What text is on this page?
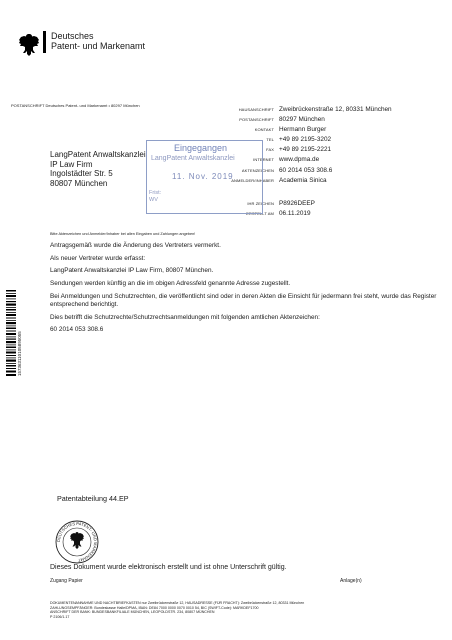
Deutsches
Patent- und Markenamt
POSTANSCHRIFT Deutsches Patent- und Markenamt • 80297 München
HAUSANSCHRIFT Zweibrückenstraße 12, 80331 München
POSTANSCHRIFT 80297 München
KONTAKT Hermann Burger
TEL +49 89 2195-3202
FAX +49 89 2195-2221
INTERNET www.dpma.de
AKTENZEICHEN 60 2014 053 308.6
ANMELDER/INHABER Academia Sinica
IHR ZEICHEN P8926DEEP
ERSTELLT AM 06.11.2019
LangPatent Anwaltskanzlei
IP Law Firm
Ingolstädter Str. 5
80807 München
Eingegangen
LangPatent Anwaltskanzlei
11. Nov. 2019
Frist:
WV
Bitte Aktenzeichen und Anmelder/Inhaber bei allen Eingaben und Zahlungen angeben!

Antragsgemäß wurde die Änderung des Vertreters vermerkt.

Als neuer Vertreter wurde erfasst:

LangPatent Anwaltskanzlei IP Law Firm, 80807 München.

Sendungen werden künftig an die im obigen Adressfeld genannte Adresse zugestellt.

Bei Anmeldungen und Schutzrechten, die veröffentlicht sind oder in deren Akten die Einsicht für jedermann frei steht, wurde das Register entsprechend berichtigt.

Dies betrifft die Schutzrechte/Schutzrechtsanmeldungen mit folgenden amtlichen Aktenzeichen:

60 2014 053 308.6

157363110105895055
Patentabteilung 44.EP
DEUTSCHES PATENT- UND MARKENAMT
Dieses Dokument wurde elektronisch erstellt und ist ohne Unterschrift gültig.
Zugang Papier	Anlage(n)
DOKUMENTENANNAHME UND NACHTBRIEFKASTEN nur Zweibrückenstraße 12, HAUSADRESSE (FÜR FRACHT): Zweibrückenstraße 12, 80331 München
ZAHLUNGSEMPFÄNGER: Bundeskasse Halle/DPMA, IBAN: DE84 7000 0000 0070 0010 54, BIC (SWIFT-Code): MARKDEF1700
ANSCHRIFT DER BANK: BUNDESBANKFILIALE MÜNCHEN, LEOPOLDSTR. 234, 80807 MÜNCHEN
P 2106/1.17
